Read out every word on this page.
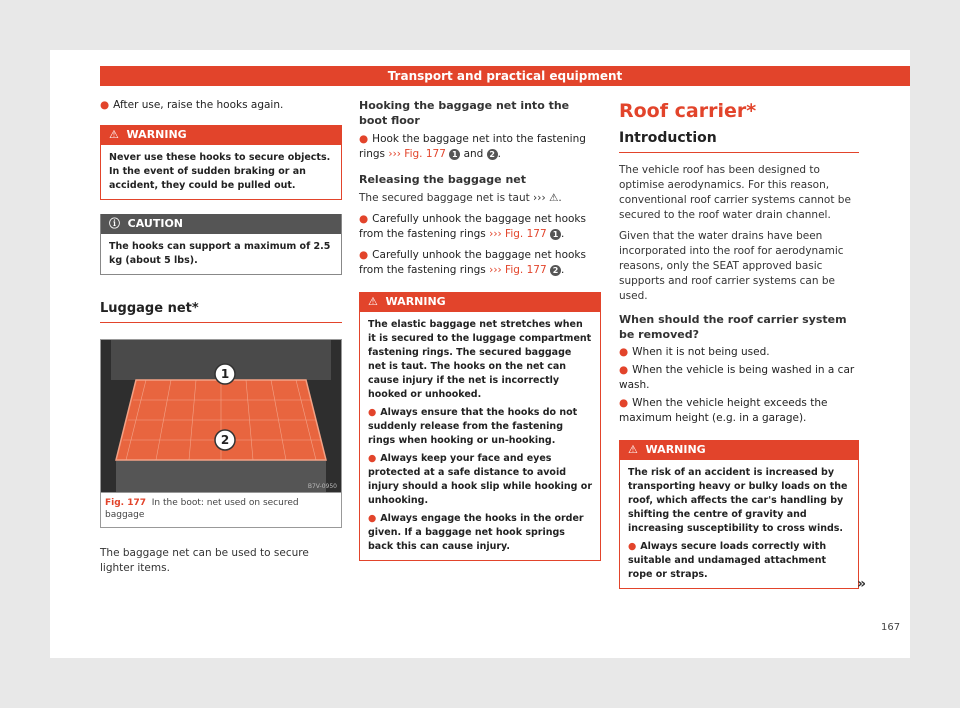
Transport and practical equipment

● After use, raise the hooks again.

⚠ WARNING
Never use these hooks to secure objects. In the event of sudden braking or an accident, they could be pulled out.
ⓘ CAUTION
The hooks can support a maximum of 2.5 kg (about 5 lbs).
Luggage net*
1
2
B7V-0950
Fig. 177 In the boot: net used on secured baggage

The baggage net can be used to secure lighter items.

Hooking the baggage net into the boot floor

● Hook the baggage net into the fastening rings ››› Fig. 177 1 and 2 .

Releasing the baggage net

The secured baggage net is taut ››› ⚠.

● Carefully unhook the baggage net hooks from the fastening rings ››› Fig. 177 1 .

● Carefully unhook the baggage net hooks from the fastening rings ››› Fig. 177 2 .

⚠ WARNING

The elastic baggage net stretches when it is secured to the luggage compartment fastening rings. The secured baggage net is taut. The hooks on the net can cause injury if the net is incorrectly hooked or unhooked.

● Always ensure that the hooks do not suddenly release from the fastening rings when hooking or un-hooking.

● Always keep your face and eyes protected at a safe distance to avoid injury should a hook slip while hooking or unhooking.

● Always engage the hooks in the order given. If a baggage net hook springs back this can cause injury.

Roof carrier*
Introduction

The vehicle roof has been designed to optimise aerodynamics. For this reason, conventional roof carrier systems cannot be secured to the roof water drain channel.

Given that the water drains have been incorporated into the roof for aerodynamic reasons, only the SEAT approved basic supports and roof carrier systems can be used.

When should the roof carrier system be removed?

● When it is not being used.

● When the vehicle is being washed in a car wash.

● When the vehicle height exceeds the maximum height (e.g. in a garage).

⚠ WARNING

The risk of an accident is increased by transporting heavy or bulky loads on the roof, which affects the car's handling by shifting the centre of gravity and increasing susceptibility to cross winds.

● Always secure loads correctly with suitable and undamaged attachment rope or straps.

»
167
